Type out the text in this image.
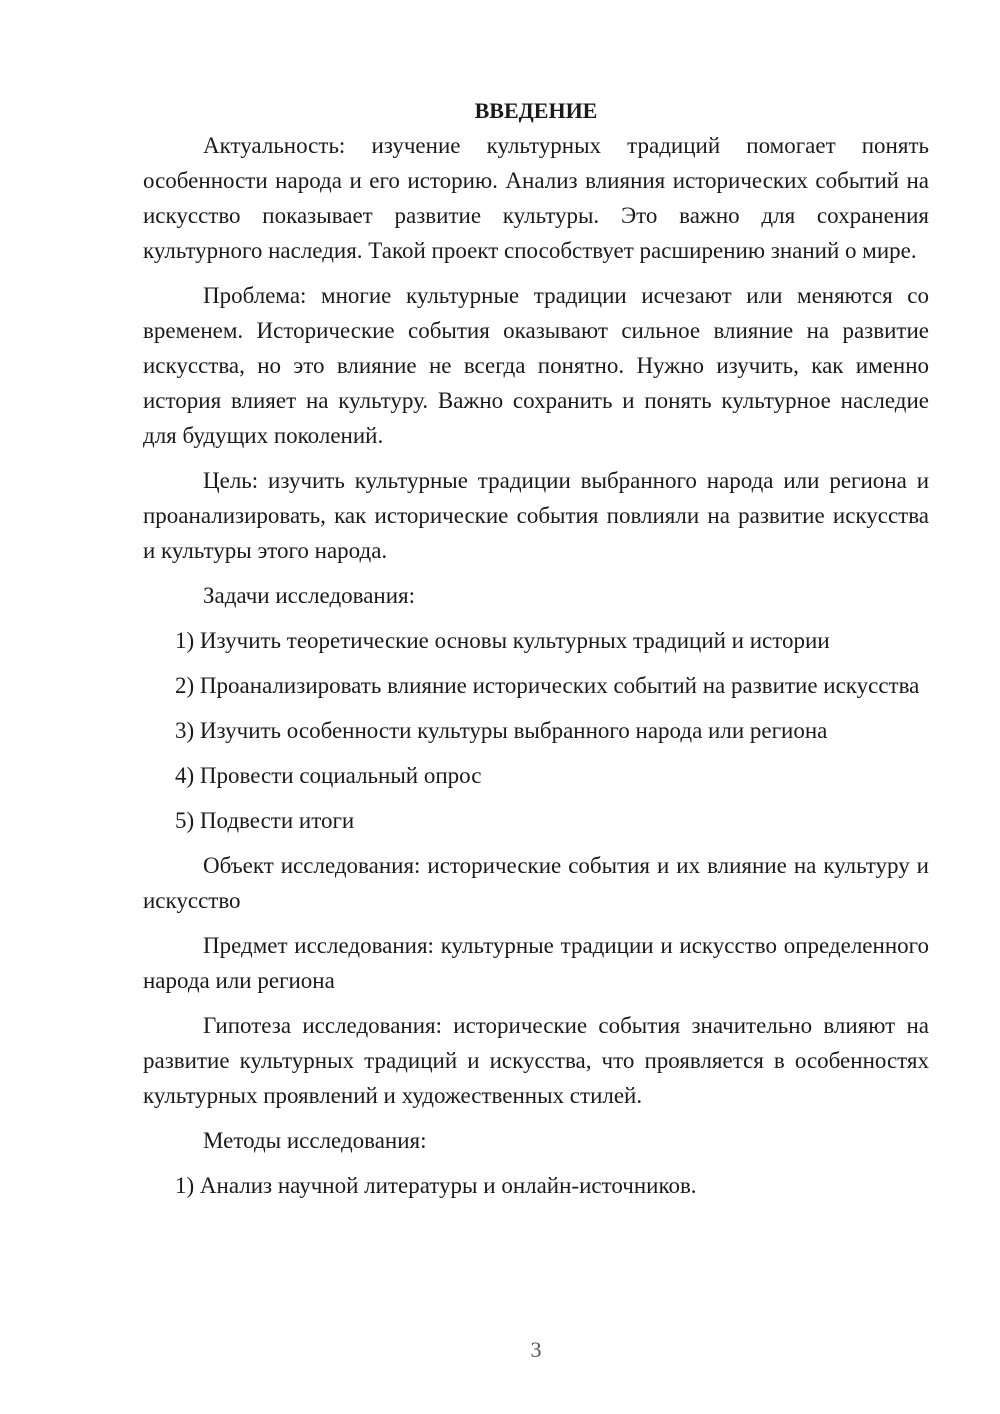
ВВЕДЕНИЕ

Актуальность: изучение культурных традиций помогает понять особенности народа и его историю. Анализ влияния исторических событий на искусство показывает развитие культуры. Это важно для сохранения культурного наследия. Такой проект способствует расширению знаний о мире.

Проблема: многие культурные традиции исчезают или меняются со временем. Исторические события оказывают сильное влияние на развитие искусства, но это влияние не всегда понятно. Нужно изучить, как именно история влияет на культуру. Важно сохранить и понять культурное наследие для будущих поколений.

Цель: изучить культурные традиции выбранного народа или региона и проанализировать, как исторические события повлияли на развитие искусства и культуры этого народа.

Задачи исследования:

1) Изучить теоретические основы культурных традиций и истории

2) Проанализировать влияние исторических событий на развитие искусства

3) Изучить особенности культуры выбранного народа или региона

4) Провести социальный опрос

5) Подвести итоги

Объект исследования: исторические события и их влияние на культуру и искусство

Предмет исследования: культурные традиции и искусство определенного народа или региона

Гипотеза исследования: исторические события значительно влияют на развитие культурных традиций и искусства, что проявляется в особенностях культурных проявлений и художественных стилей.

Методы исследования:

1) Анализ научной литературы и онлайн-источников.

3
